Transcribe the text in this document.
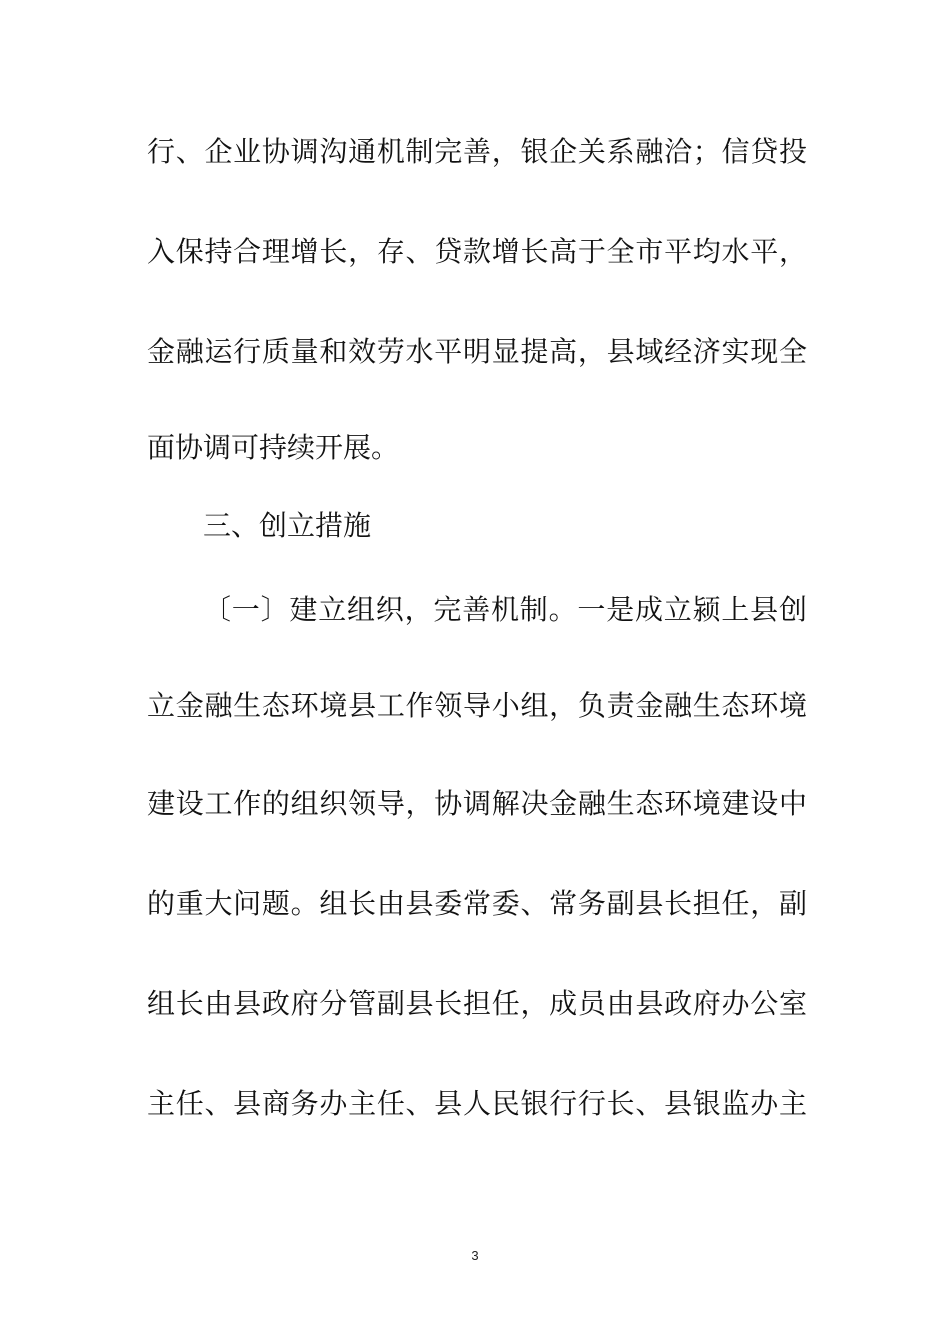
行、企业协调沟通机制完善，银企关系融洽；信贷投
入保持合理增长，存、贷款增长高于全市平均水平，
金融运行质量和效劳水平明显提高，县域经济实现全
面协调可持续开展。
三、创立措施
〔一〕建立组织，完善机制。一是成立颍上县创
立金融生态环境县工作领导小组，负责金融生态环境
建设工作的组织领导，协调解决金融生态环境建设中
的重大问题。组长由县委常委、常务副县长担任，副
组长由县政府分管副县长担任，成员由县政府办公室
主任、县商务办主任、县人民银行行长、县银监办主
3
